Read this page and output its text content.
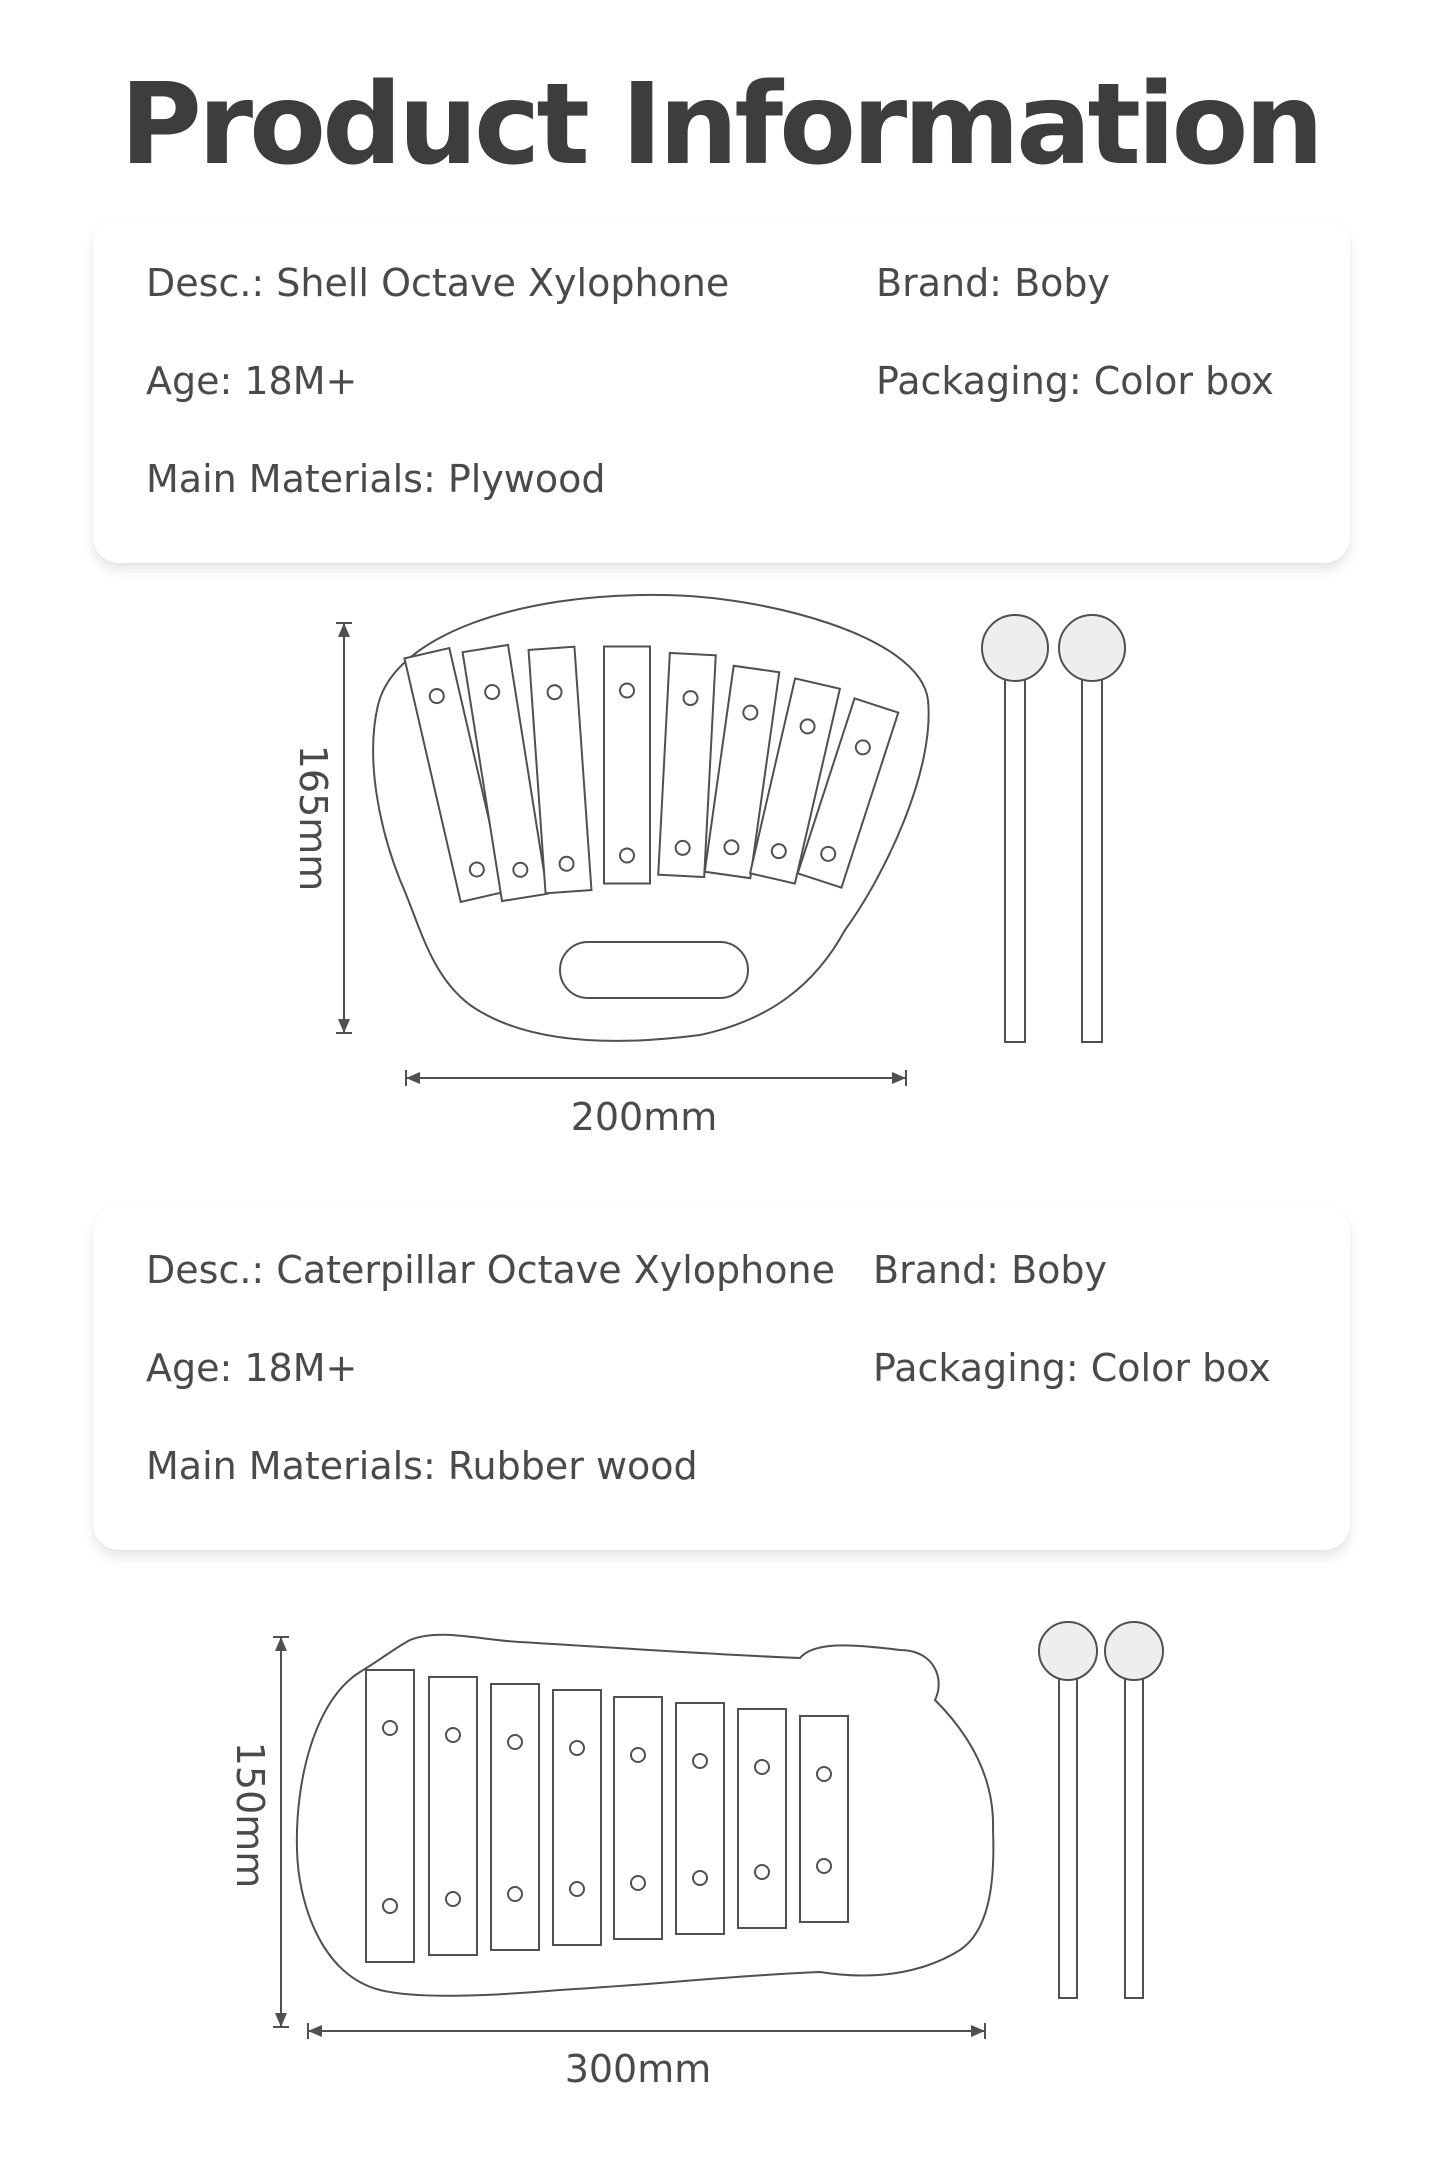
Product Information
Desc.: Shell Octave Xylophone	Brand: Boby
Age: 18M+	Packaging: Color box
Main Materials: Plywood
165mm
200mm
Desc.: Caterpillar Octave Xylophone Brand: Boby
Age: 18M+	Packaging: Color box
Main Materials: Rubber wood
150mm
300mm
